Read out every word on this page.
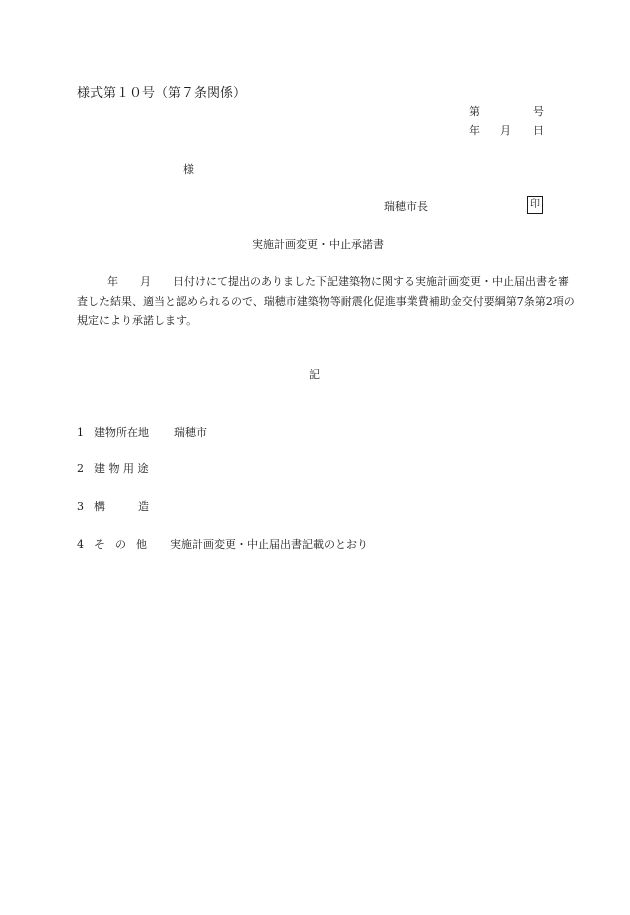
様式第１０号（第７条関係）
第	号
年 月 日
様
瑞穂市長	印
実施計画変更・中止承諾書
年 月 日付けにて提出のありました下記建築物に関する実施計画変更・中止届出書を審
査した結果、適当と認められるので、瑞穂市建築物等耐震化促進事業費補助金交付要綱第7条第2項の
規定により承諾します。
記
1 建物所在地 瑞穂市
2 建 物 用 途
3 構	造
4 そ の 他 実施計画変更・中止届出書記載のとおり
